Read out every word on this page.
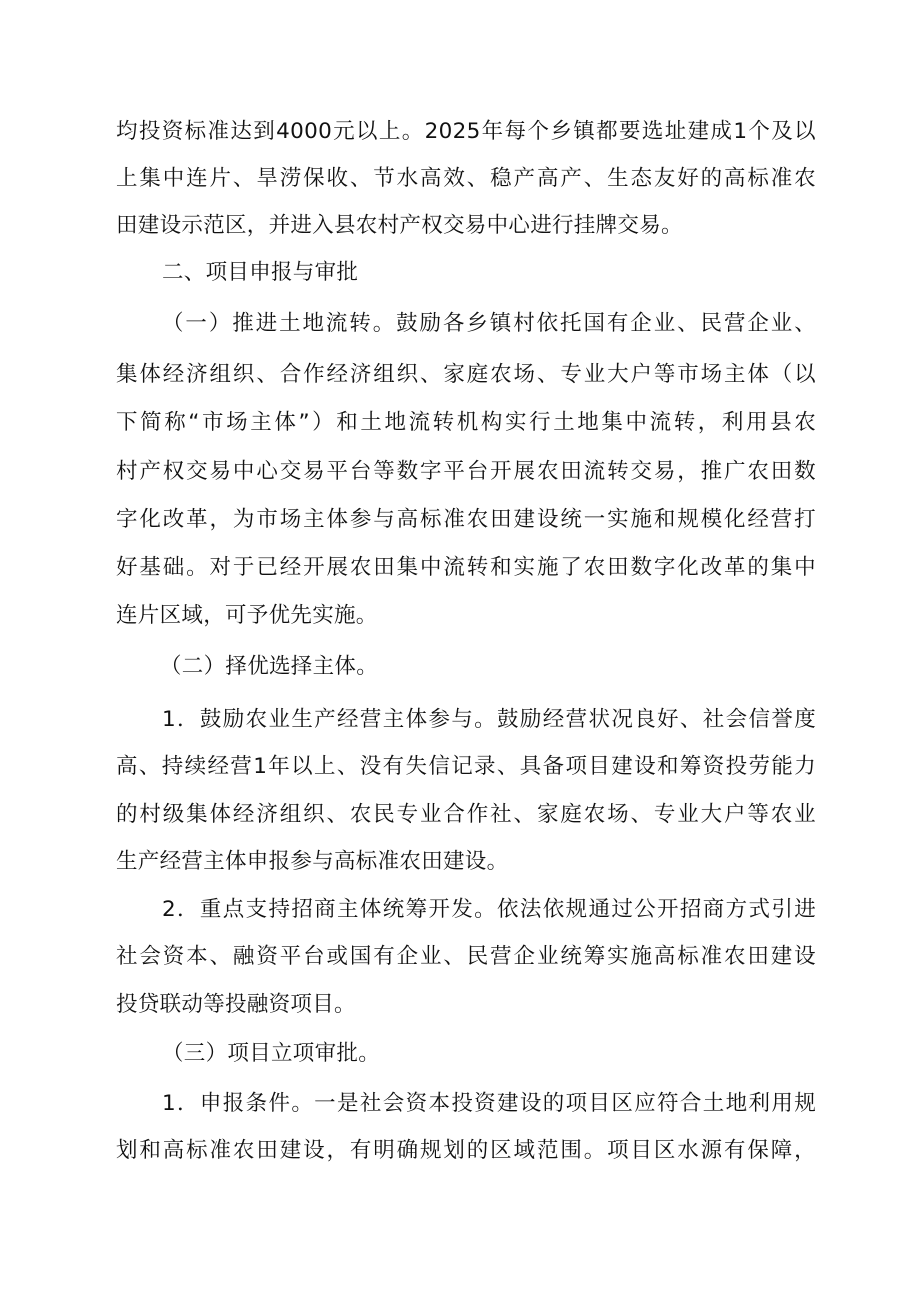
均投资标准达到4000元以上。2025年每个乡镇都要选址建成1个及以
上集中连片、旱涝保收、节水高效、稳产高产、生态友好的高标准农
田建设示范区，并进入县农村产权交易中心进行挂牌交易。
二、项目申报与审批
（一）推进土地流转。鼓励各乡镇村依托国有企业、民营企业、
集体经济组织、合作经济组织、家庭农场、专业大户等市场主体（以
下简称“市场主体”）和土地流转机构实行土地集中流转，利用县农
村产权交易中心交易平台等数字平台开展农田流转交易，推广农田数
字化改革，为市场主体参与高标准农田建设统一实施和规模化经营打
好基础。对于已经开展农田集中流转和实施了农田数字化改革的集中
连片区域，可予优先实施。
（二）择优选择主体。
1．鼓励农业生产经营主体参与。鼓励经营状况良好、社会信誉度
高、持续经营1年以上、没有失信记录、具备项目建设和筹资投劳能力
的村级集体经济组织、农民专业合作社、家庭农场、专业大户等农业
生产经营主体申报参与高标准农田建设。
2．重点支持招商主体统筹开发。依法依规通过公开招商方式引进
社会资本、融资平台或国有企业、民营企业统筹实施高标准农田建设
投贷联动等投融资项目。
（三）项目立项审批。
1．申报条件。一是社会资本投资建设的项目区应符合土地利用规
划和高标准农田建设，有明确规划的区域范围。项目区水源有保障，
